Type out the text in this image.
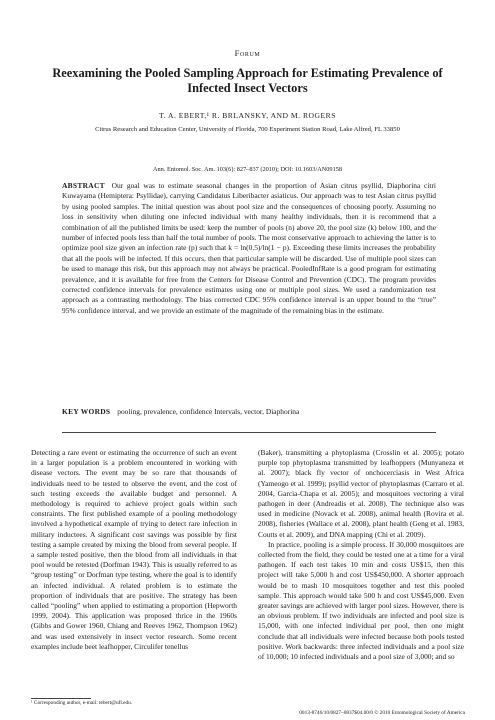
Forum
Reexamining the Pooled Sampling Approach for Estimating Prevalence of Infected Insect Vectors
T. A. EBERT,¹ R. BRLANSKY, AND M. ROGERS
Citrus Research and Education Center, University of Florida, 700 Experiment Station Road, Lake Alfred, FL 33850
Ann. Entomol. Soc. Am. 103(6): 827–837 (2010); DOI: 10.1603/AN09158

ABSTRACT Our goal was to estimate seasonal changes in the proportion of Asian citrus psyllid, Diaphorina citri Kuwayama (Hemiptera: Psyllidae), carrying Candidatus Liberibacter asiaticus. Our approach was to test Asian citrus psyllid by using pooled samples. The initial question was about pool size and the consequences of choosing poorly. Assuming no loss in sensitivity when diluting one infected individual with many healthy individuals, then it is recommend that a combination of all the published limits be used: keep the number of pools (n) above 20, the pool size (k) below 100, and the number of infected pools less than half the total number of pools. The most conservative approach to achieving the latter is to optimize pool size given an infection rate (p) such that k = ln(0.5)/ln(1 − p). Exceeding these limits increases the probability that all the pools will be infected. If this occurs, then that particular sample will be discarded. Use of multiple pool sizes can be used to manage this risk, but this approach may not always be practical. PooledInfRate is a good program for estimating prevalence, and it is available for free from the Centers for Disease Control and Prevention (CDC). The program provides corrected confidence intervals for prevalence estimates using one or multiple pool sizes. We used a randomization test approach as a contrasting methodology. The bias corrected CDC 95% confidence interval is an upper bound to the “true” 95% confidence interval, and we provide an estimate of the magnitude of the remaining bias in the estimate.

KEY WORDS pooling, prevalence, confidence Intervals, vector, Diaphorina

Detecting a rare event or estimating the occurrence of such an event in a larger population is a problem encountered in working with disease vectors. The event may be so rare that thousands of individuals need to be tested to observe the event, and the cost of such testing exceeds the available budget and personnel. A methodology is required to achieve project goals within such constraints. The first published example of a pooling methodology involved a hypothetical example of trying to detect rare infection in military inductees. A significant cost savings was possible by first testing a sample created by mixing the blood from several people. If a sample tested positive, then the blood from all individuals in that pool would be retested (Dorfman 1943). This is usually referred to as “group testing” or Dorfman type testing, where the goal is to identify an infected individual. A related problem is to estimate the proportion of individuals that are positive. The strategy has been called “pooling” when applied to estimating a proportion (Hepworth 1999, 2004). This application was proposed thrice in the 1960s (Gibbs and Gower 1960, Chiang and Reeves 1962, Thompson 1962) and was used extensively in insect vector research. Some recent examples include beet leafhopper, Circulifer tenellus

(Baker), transmitting a phytoplasma (Crosslin et al. 2005); potato purple top phytoplasma transmitted by leafhoppers (Munyaneza et al. 2007); black fly vector of onchocerciasis in West Africa (Yameogo et al. 1999); psyllid vector of phytoplasmas (Carraro et al. 2004, Garcia-Chapa et al. 2005); and mosquitoes vectoring a viral pathogen in deer (Andreadis et al. 2008). The technique also was used in medicine (Novack et al. 2008), animal health (Rovira et al. 2008), fisheries (Wallace et al. 2008), plant health (Geng et al. 1983, Coutts et al. 2009), and DNA mapping (Chi et al. 2009).

In practice, pooling is a simple process. If 30,000 mosquitoes are collected from the field, they could be tested one at a time for a viral pathogen. If each test takes 10 min and costs US$15, then this project will take 5,000 h and cost US$450,000. A shorter approach would be to mash 10 mosquitoes together and test this pooled sample. This approach would take 500 h and cost US$45,000. Even greater savings are achieved with larger pool sizes. However, there is an obvious problem. If two individuals are infected and pool size is 15,000, with one infected individual per pool, then one might conclude that all individuals were infected because both pools tested positive. Work backwards: three infected individuals and a pool size of 10,000; 10 infected individuals and a pool size of 3,000; and so

¹ Corresponding author, e-mail: tebert@ufl.edu.

0013-8746/10/0827–0837$04.00/0 © 2010 Entomological Society of America
